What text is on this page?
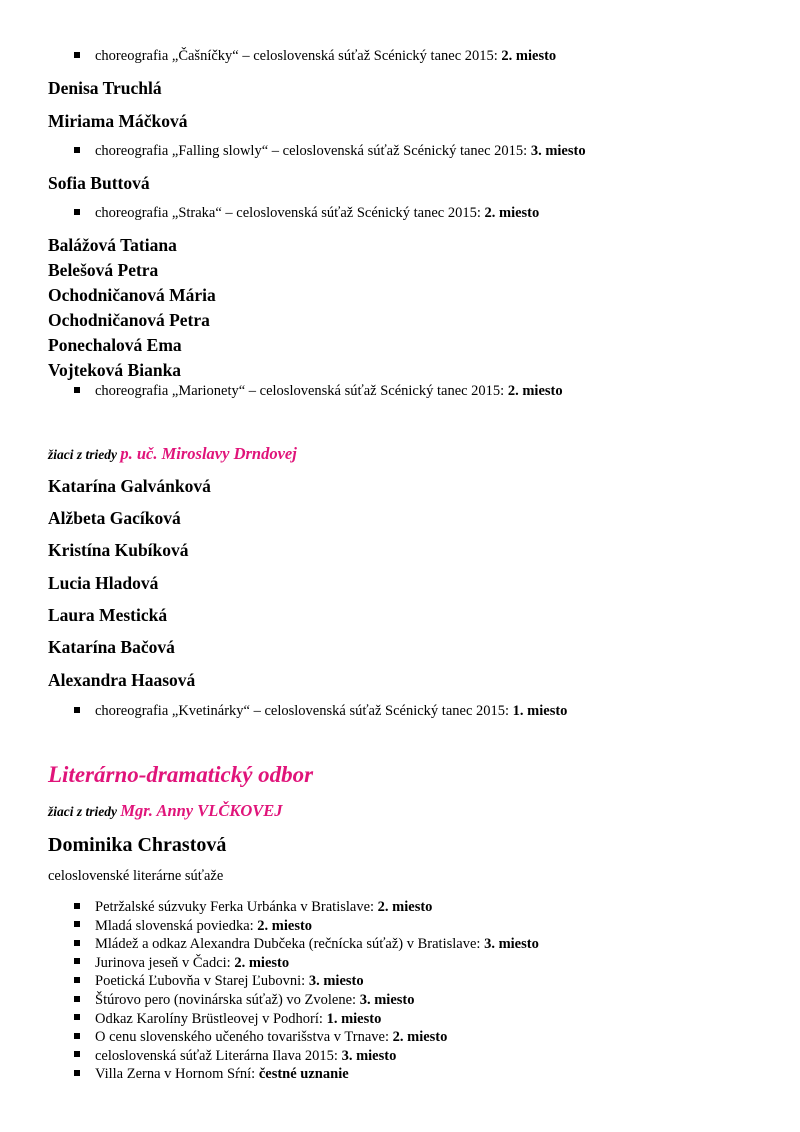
choreografia „Čašníčky“ – celoslovenská súťaž Scénický tanec 2015: 2. miesto
Denisa Truchlá
Miriama Máčková
choreografia „Falling slowly“ – celoslovenská súťaž Scénický tanec 2015: 3. miesto
Sofia Buttová
choreografia „Straka“ – celoslovenská súťaž Scénický tanec 2015: 2. miesto
Balážová Tatiana
Belešová Petra
Ochodničanová Mária
Ochodničanová Petra
Ponechalová Ema
Vojteková Bianka
choreografia „Marionety“ – celoslovenská súťaž Scénický tanec 2015: 2. miesto
žiaci z triedy p. uč. Miroslavy Drndovej
Katarína Galvánková
Alžbeta Gacíková
Kristína Kubíková
Lucia Hladová
Laura Mestická
Katarína Bačová
Alexandra Haasová
choreografia „Kvetinárky“ – celoslovenská súťaž Scénický tanec 2015: 1. miesto
Literárno-dramatický odbor
žiaci z triedy Mgr. Anny VLČKOVEJ
Dominika Chrastová
celoslovenské literárne súťaže
Petržalské súzvuky Ferka Urbánka v Bratislave: 2. miesto
Mladá slovenská poviedka: 2. miesto
Mládež a odkaz Alexandra Dubčeka (rečnícka súťaž) v Bratislave: 3. miesto
Jurinova jeseň v Čadci: 2. miesto
Poetická Ľubovňa v Starej Ľubovni: 3. miesto
Štúrovo pero (novinárska súťaž) vo Zvolene: 3. miesto
Odkaz Karolíny Brüstleovej v Podhorí: 1. miesto
O cenu slovenského učeného tovarišstva v Trnave: 2. miesto
celoslovenská súťaž Literárna Ilava 2015: 3. miesto
Villa Zerna v Hornom Sŕní: čestné uznanie
